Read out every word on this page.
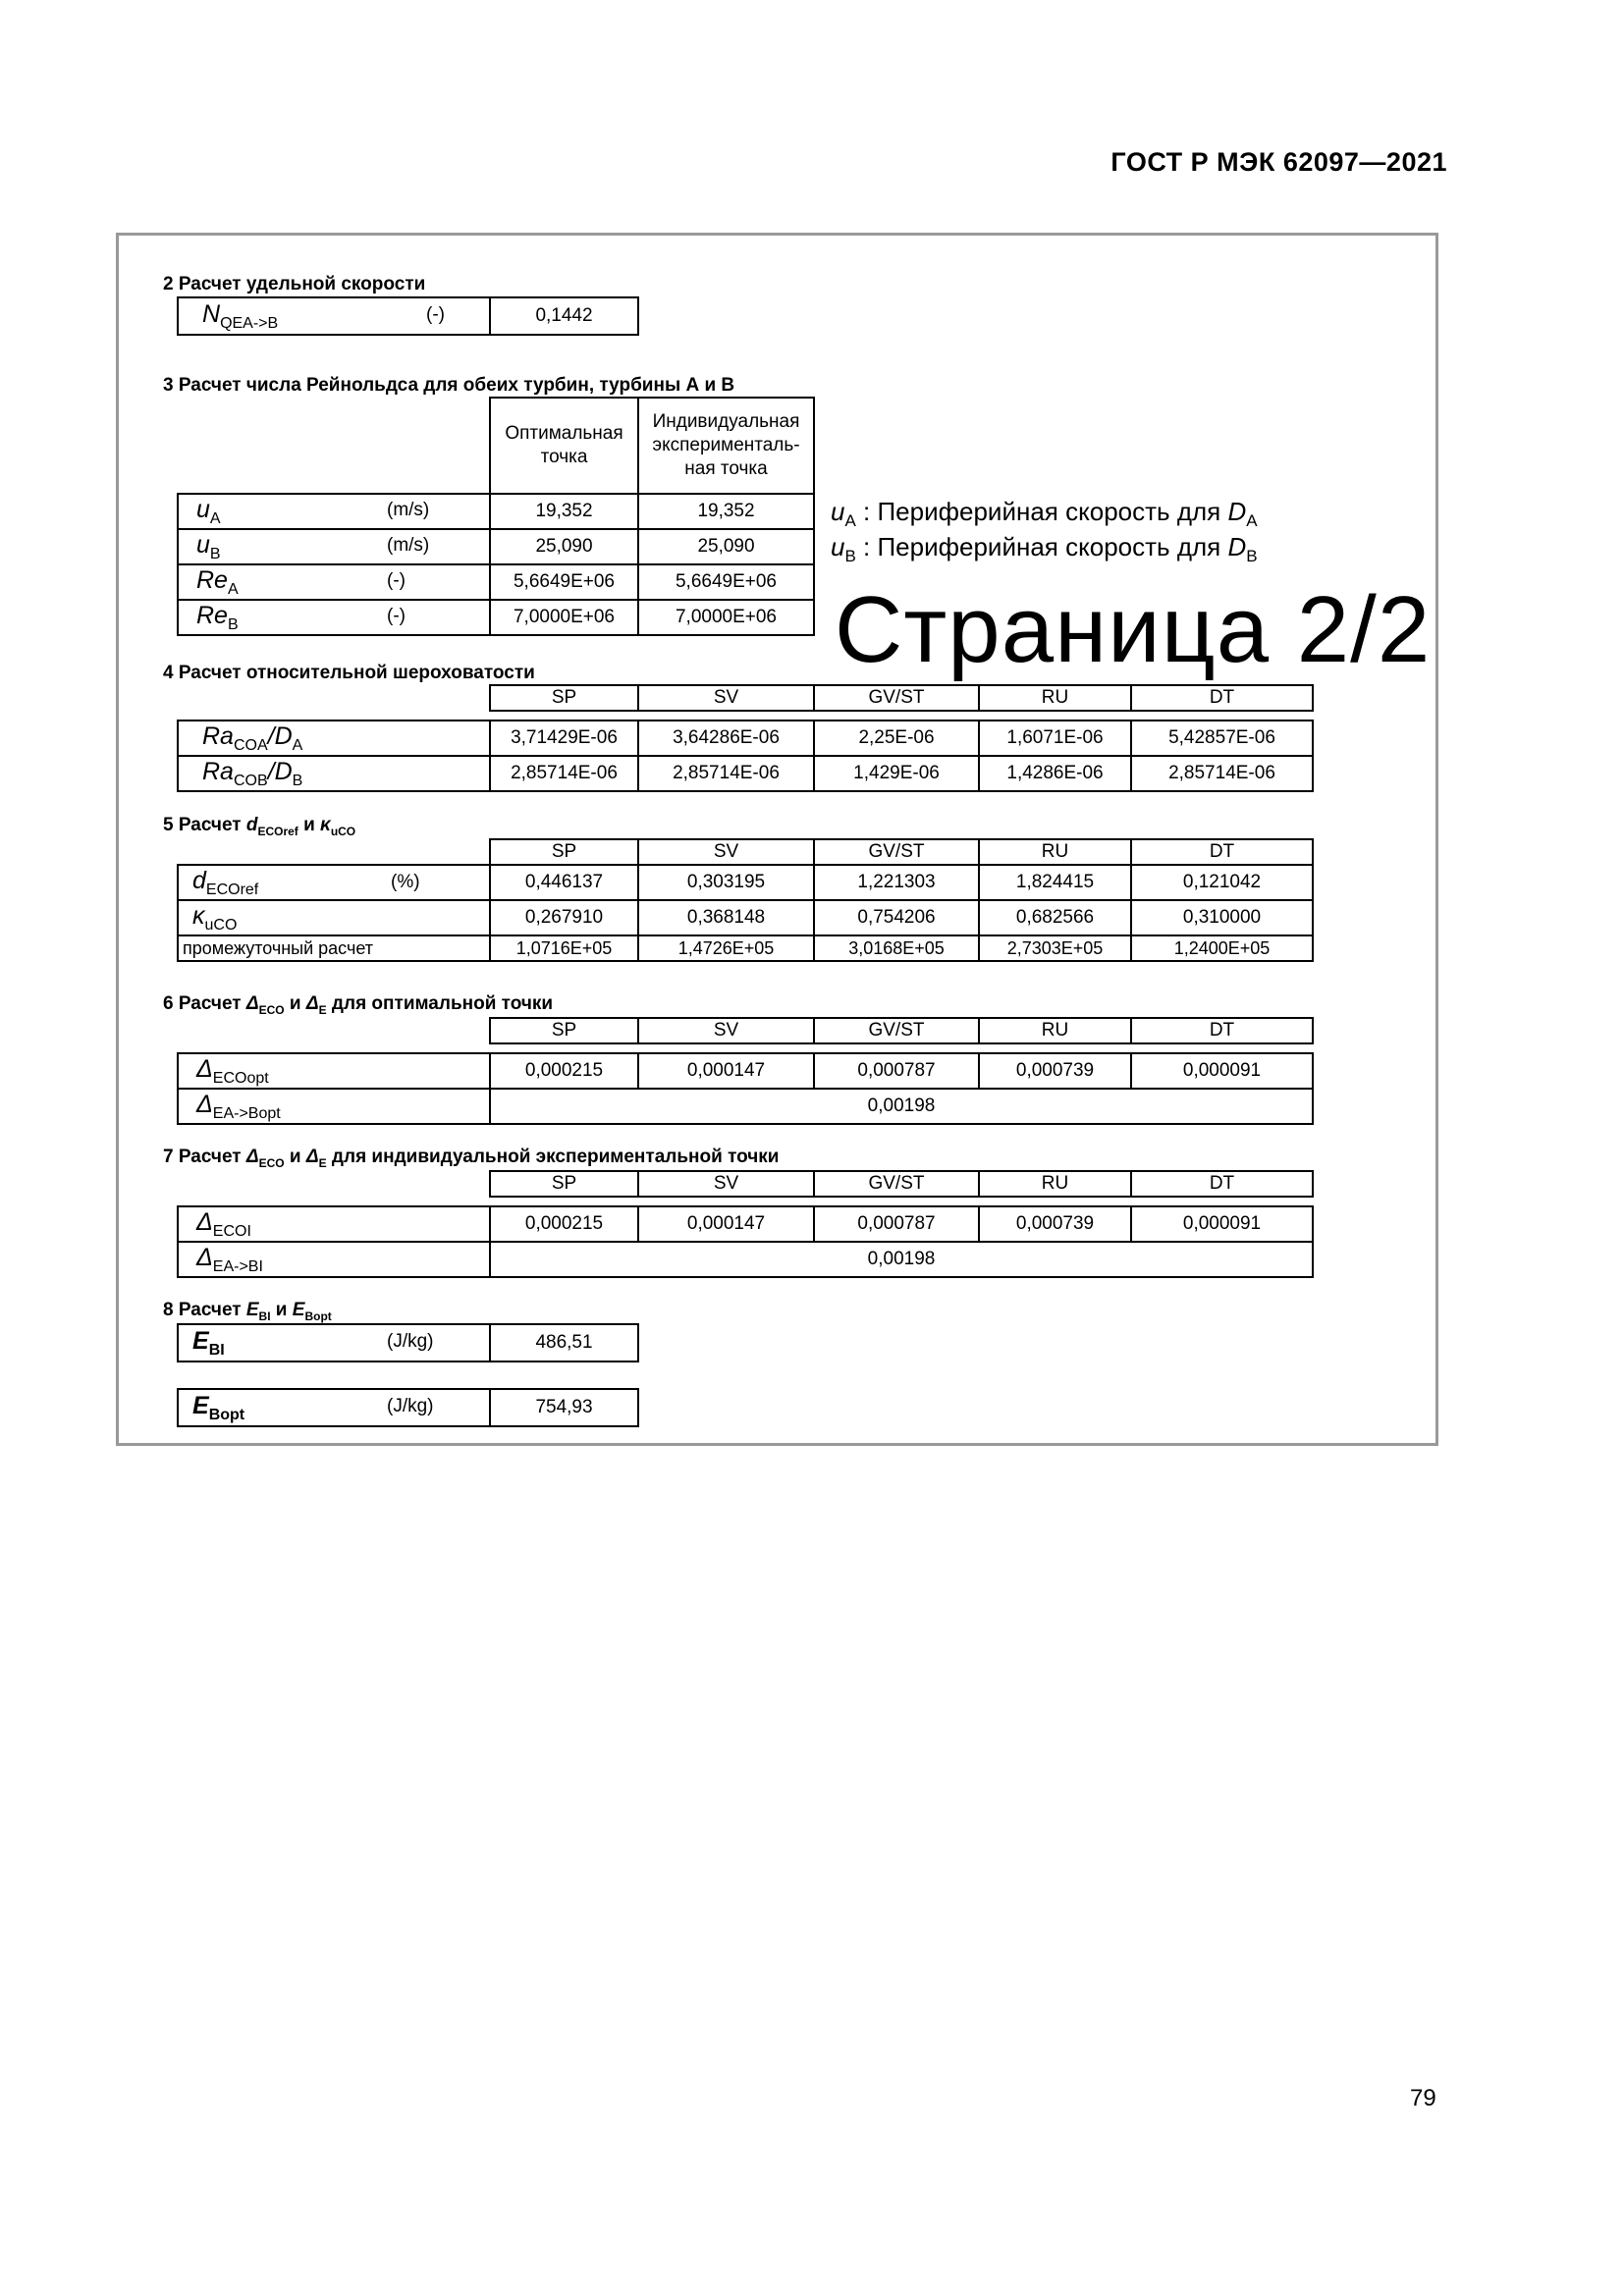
ГОСТ Р МЭК 62097—2021
2 Расчет удельной скорости
$N_{QEA->B}$	(-)	0,1442
3 Расчет числа Рейнольдса для обеих турбин, турбины А и В
	Оптимальная точка	Индивидуальная эксперименталь-ная точка
$u_A$ (m/s)	19,352	19,352
$u_B$ (m/s)	25,090	25,090
$Re_A$ (-)	5,6649E+06	5,6649E+06
$Re_B$ (-)	7,0000E+06	7,0000E+06
$u_A$ : Периферийная скорость для $D_A$
$u_B$ : Периферийная скорость для $D_B$
Страница 2/2
4 Расчет относительной шероховатости
	SP	SV	GV/ST	RU	DT

$Ra_{COA}/D_A$	3,71429E-06	3,64286E-06	2,25E-06	1,6071E-06	5,42857E-06
$Ra_{COB}/D_B$	2,85714E-06	2,85714E-06	1,429E-06	1,4286E-06	2,85714E-06
5 Расчет $d_{ECOref}$ и $\kappa_{uCO}$
	SP	SV	GV/ST	RU	DT
$d_{ECOref}$ (%)	0,446137	0,303195	1,221303	1,824415	0,121042
$\kappa_{uCO}$	0,267910	0,368148	0,754206	0,682566	0,310000
промежуточный расчет	1,0716E+05	1,4726E+05	3,0168E+05	2,7303E+05	1,2400E+05
6 Расчет $\Delta_{ECO}$ и $\Delta_E$ для оптимальной точки
	SP	SV	GV/ST	RU	DT

$\Delta_{ECOopt}$	0,000215	0,000147	0,000787	0,000739	0,000091
$\Delta_{EA->Bopt}$	0,00198				
7 Расчет $\Delta_{ECO}$ и $\Delta_E$ для индивидуальной экспериментальной точки
	SP	SV	GV/ST	RU	DT

$\Delta_{ECOI}$	0,000215	0,000147	0,000787	0,000739	0,000091
$\Delta_{EA->BI}$	0,00198				
8 Расчет $E_{BI}$ и $E_{Bopt}$
$E_{BI}$	(J/kg)	486,51
$E_{Bopt}$	(J/kg)	754,93
79
